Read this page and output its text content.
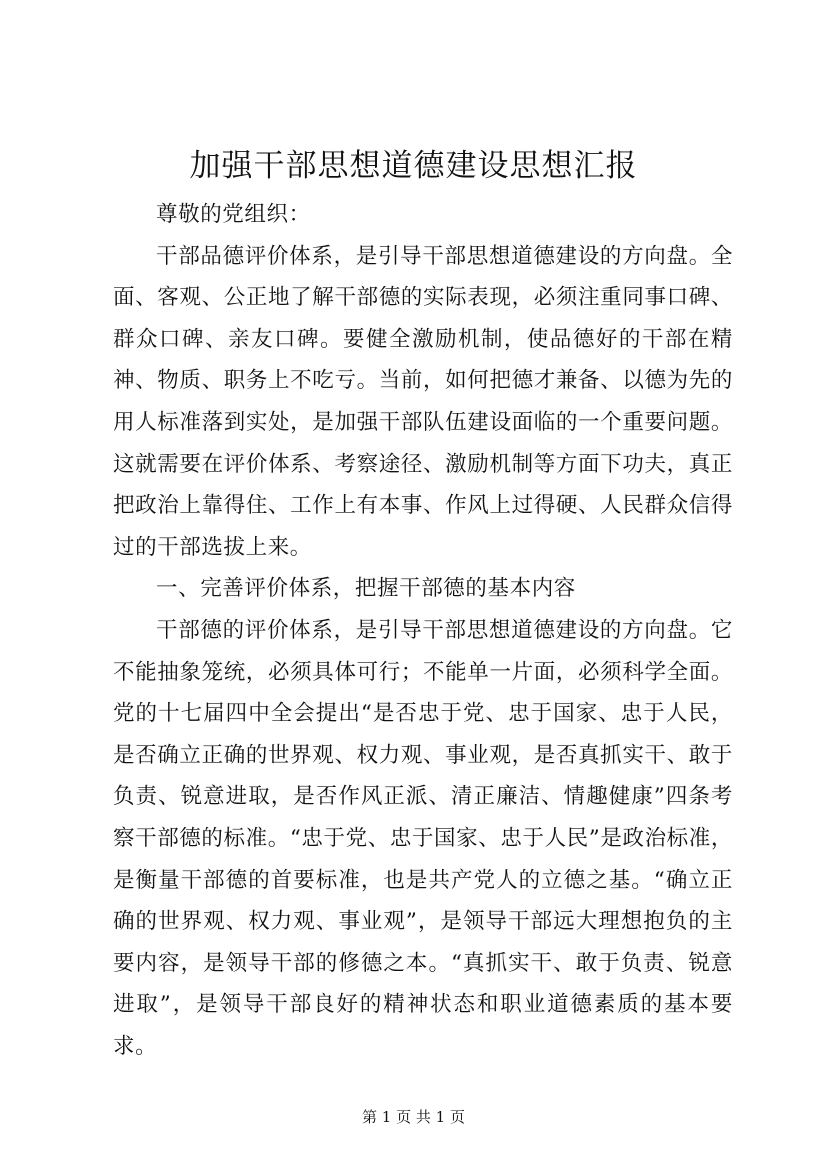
加强干部思想道德建设思想汇报

尊敬的党组织：

干部品德评价体系，是引导干部思想道德建设的方向盘。全面、客观、公正地了解干部德的实际表现，必须注重同事口碑、群众口碑、亲友口碑。要健全激励机制，使品德好的干部在精神、物质、职务上不吃亏。当前，如何把德才兼备、以德为先的用人标准落到实处，是加强干部队伍建设面临的一个重要问题。这就需要在评价体系、考察途径、激励机制等方面下功夫，真正把政治上靠得住、工作上有本事、作风上过得硬、人民群众信得过的干部选拔上来。

一、完善评价体系，把握干部德的基本内容

干部德的评价体系，是引导干部思想道德建设的方向盘。它不能抽象笼统，必须具体可行；不能单一片面，必须科学全面。党的十七届四中全会提出“是否忠于党、忠于国家、忠于人民，是否确立正确的世界观、权力观、事业观，是否真抓实干、敢于负责、锐意进取，是否作风正派、清正廉洁、情趣健康”四条考察干部德的标准。“忠于党、忠于国家、忠于人民”是政治标准，是衡量干部德的首要标准，也是共产党人的立德之基。“确立正确的世界观、权力观、事业观”，是领导干部远大理想抱负的主要内容，是领导干部的修德之本。“真抓实干、敢于负责、锐意进取”，是领导干部良好的精神状态和职业道德素质的基本要求。

第 1 页 共 1 页
